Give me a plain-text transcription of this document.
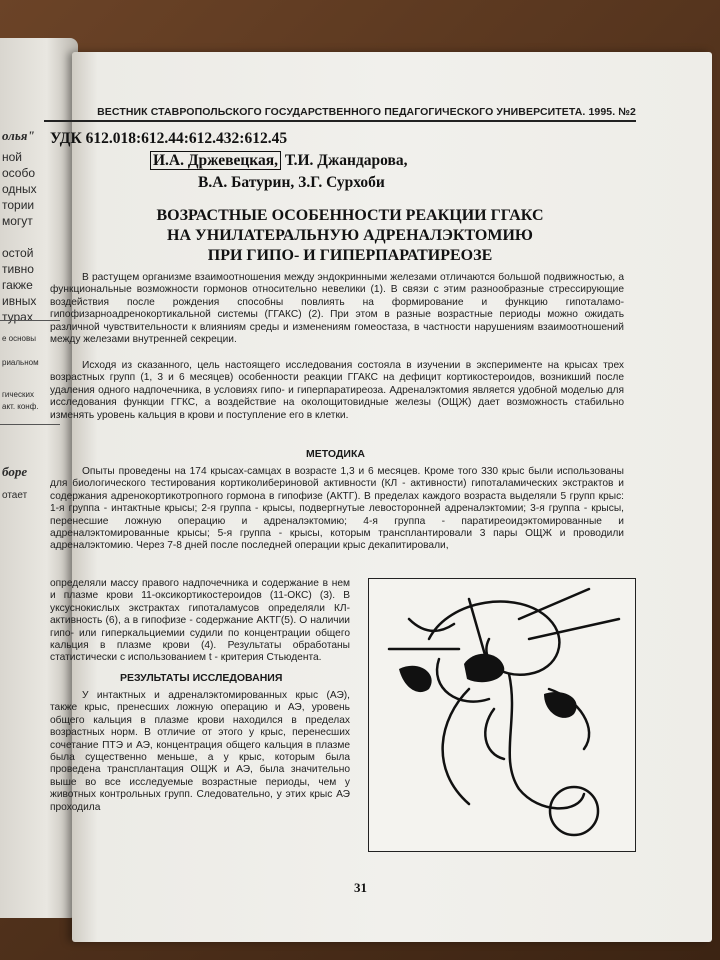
олья"
ной
особо
одных
тории
могут
остой
тивно
гакже
ивных
турах
е основы
риальном
гических
акт. конф.
боре
отает
ВЕСТНИК СТАВРОПОЛЬСКОГО ГОСУДАРСТВЕННОГО ПЕДАГОГИЧЕСКОГО УНИВЕРСИТЕТА. 1995. №2
УДК 612.018:612.44:612.432:612.45
И.А. Држевецкая, Т.И. Джандарова,
В.А. Батурин, З.Г. Сурхоби
ВОЗРАСТНЫЕ ОСОБЕННОСТИ РЕАКЦИИ ГГАКС
НА УНИЛАТЕРАЛЬНУЮ АДРЕНАЛЭКТОМИЮ
ПРИ ГИПО- И ГИПЕРПАРАТИРЕОЗЕ

В растущем организме взаимоотношения между эндокринными железами отличаются большой подвижностью, а функциональные возможности гормонов относительно невелики (1). В связи с этим разнообразные стрессирующие воздействия после рождения способны повлиять на формирование и функцию гипоталамо-гипофизарноадренокортикальной системы (ГГАКС) (2). При этом в разные возрастные периоды можно ожидать различной чувствительности к влияниям среды и изменениям гомеостаза, в частности нарушениям взаимоотношений между железами внутренней секреции.

Исходя из сказанного, цель настоящего исследования состояла в изучении в эксперименте на крысах трех возрастных групп (1, 3 и 6 месяцев) особенности реакции ГГАКС на дефицит кортикостероидов, возникший после удаления одного надпочечника, в условиях гипо- и гиперпаратиреоза. Адреналэктомия является удобной моделью для исследования функции ГГКС, а воздействие на околощитовидные железы (ОЩЖ) дает возможность стабильно изменять уровень кальция в крови и поступление его в клетки.

МЕТОДИКА

Опыты проведены на 174 крысах-самцах в возрасте 1,3 и 6 месяцев. Кроме того 330 крыс были использованы для биологического тестирования кортиколибериновой активности (КЛ - активности) гипоталамических экстрактов и содержания адренокортикотропного гормона в гипофизе (АКТГ). В пределах каждого возраста выделяли 5 групп крыс: 1-я группа - интактные крысы; 2-я группа - крысы, подвергнутые левосторонней адреналэктомии; 3-я группа - крысы, перенесшие ложную операцию и адреналэктомию; 4-я группа - паратиреоидэктомированные и адреналэктомированные крысы; 5-я группа - крысы, которым трансплантировали 3 пары ОЩЖ и проводили адреналэктомию. Через 7-8 дней после последней операции крыс декапитировали,

определяли массу правого надпочечника и содержание в нем и плазме крови 11-оксикортикостероидов (11-ОКС) (3). В уксуснокислых экстрактах гипоталамусов определяли КЛ-активность (6), а в гипофизе - содержание АКТГ(5). О наличии гипо- или гиперкальциемии судили по концентрации общего кальция в плазме крови (4). Результаты обработаны статистически с использованием t - критерия Стьюдента.

РЕЗУЛЬТАТЫ ИССЛЕДОВАНИЯ

У интактных и адреналэктомированных крыс (АЭ), также крыс, пренесших ложную операцию и АЭ, уровень общего кальция в плазме крови находился в пределах возрастных норм. В отличие от этого у крыс, перенесших сочетание ПТЭ и АЭ, концентрация общего кальция в плазме была существенно меньше, а у крыс, которым была проведена трансплантация ОЩЖ и АЭ, была значительно выше во все исследуемые возрастные периоды, чем у животных контрольных групп. Следовательно, у этих крыс АЭ проходила

31
